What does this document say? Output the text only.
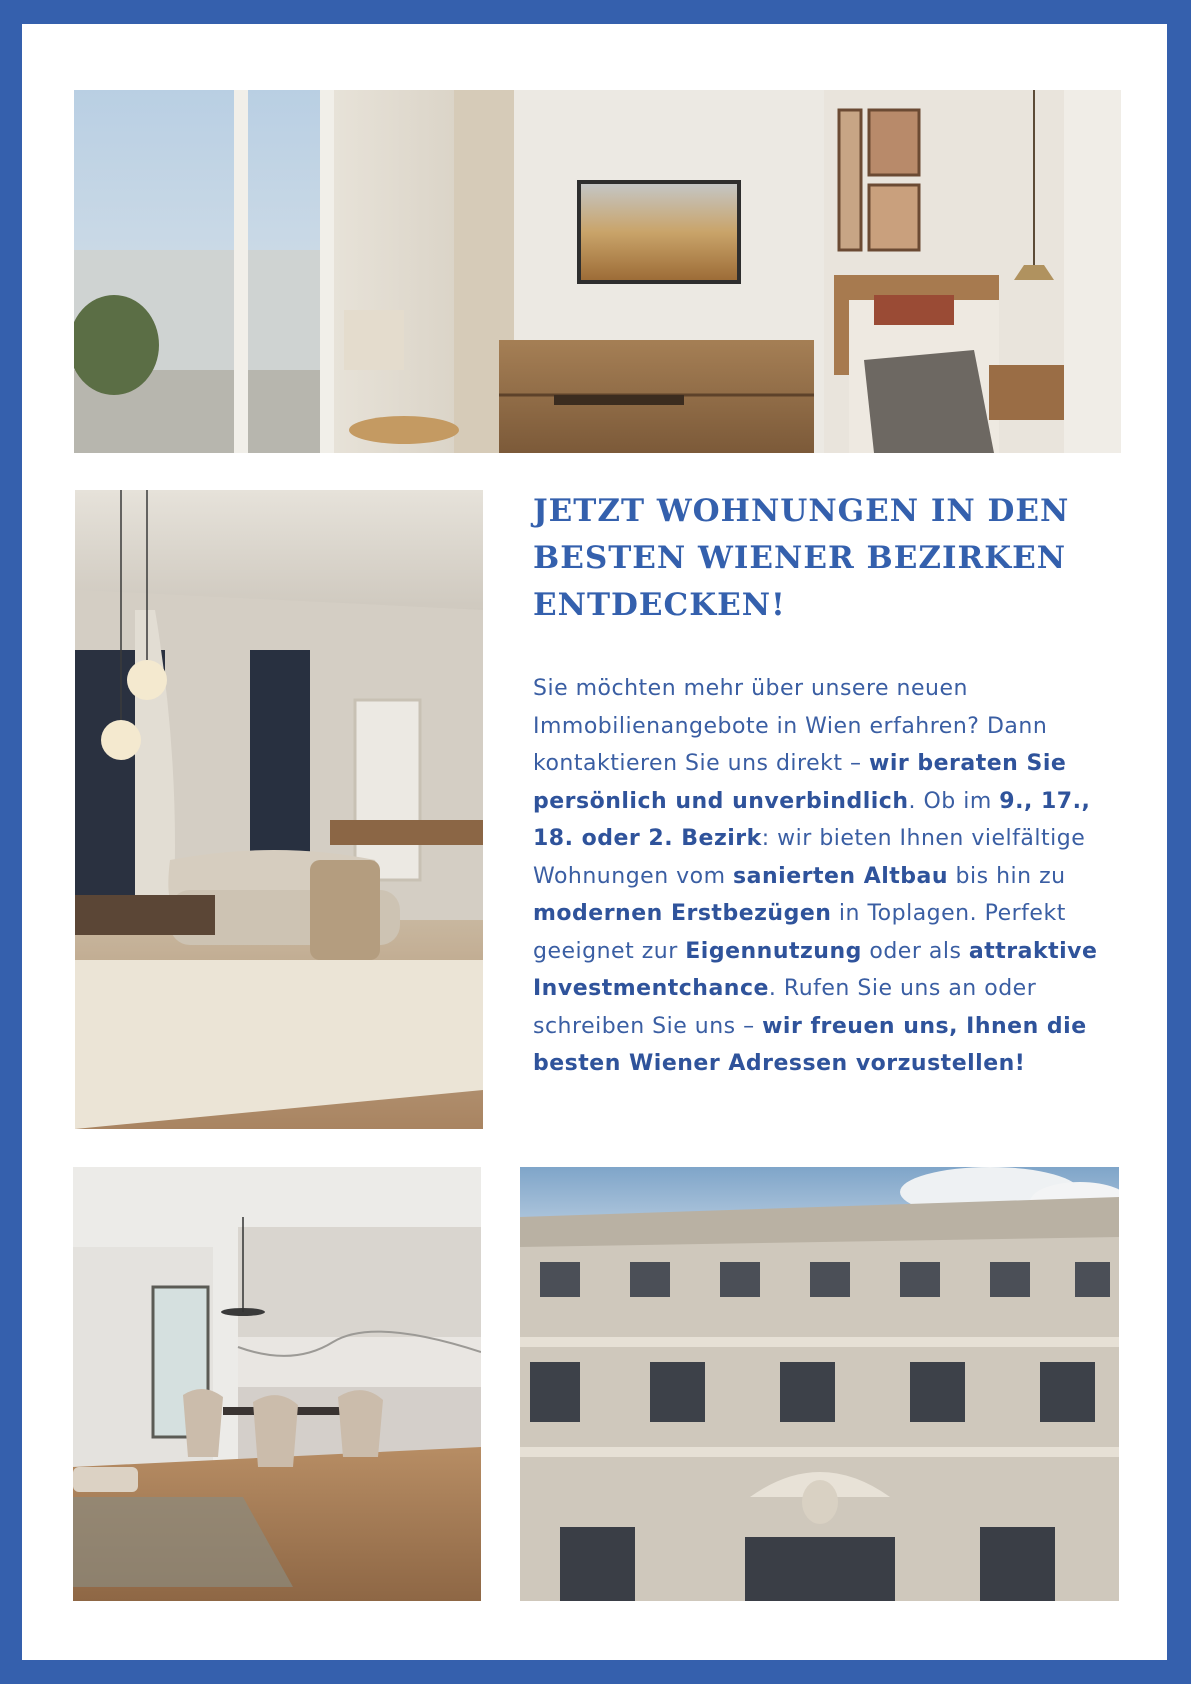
JETZT WOHNUNGEN IN DEN
BESTEN WIENER BEZIRKEN
ENTDECKEN!

Sie möchten mehr über unsere neuen Immobilienangebote in Wien erfahren? Dann kontaktieren Sie uns direkt – wir beraten Sie persönlich und unverbindlich. Ob im 9., 17., 18. oder 2. Bezirk: wir bieten Ihnen vielfältige Wohnungen vom sanierten Altbau bis hin zu modernen Erstbezügen in Toplagen. Perfekt geeignet zur Eigennutzung oder als attraktive Investmentchance. Rufen Sie uns an oder schreiben Sie uns – wir freuen uns, Ihnen die besten Wiener Adressen vorzustellen!
